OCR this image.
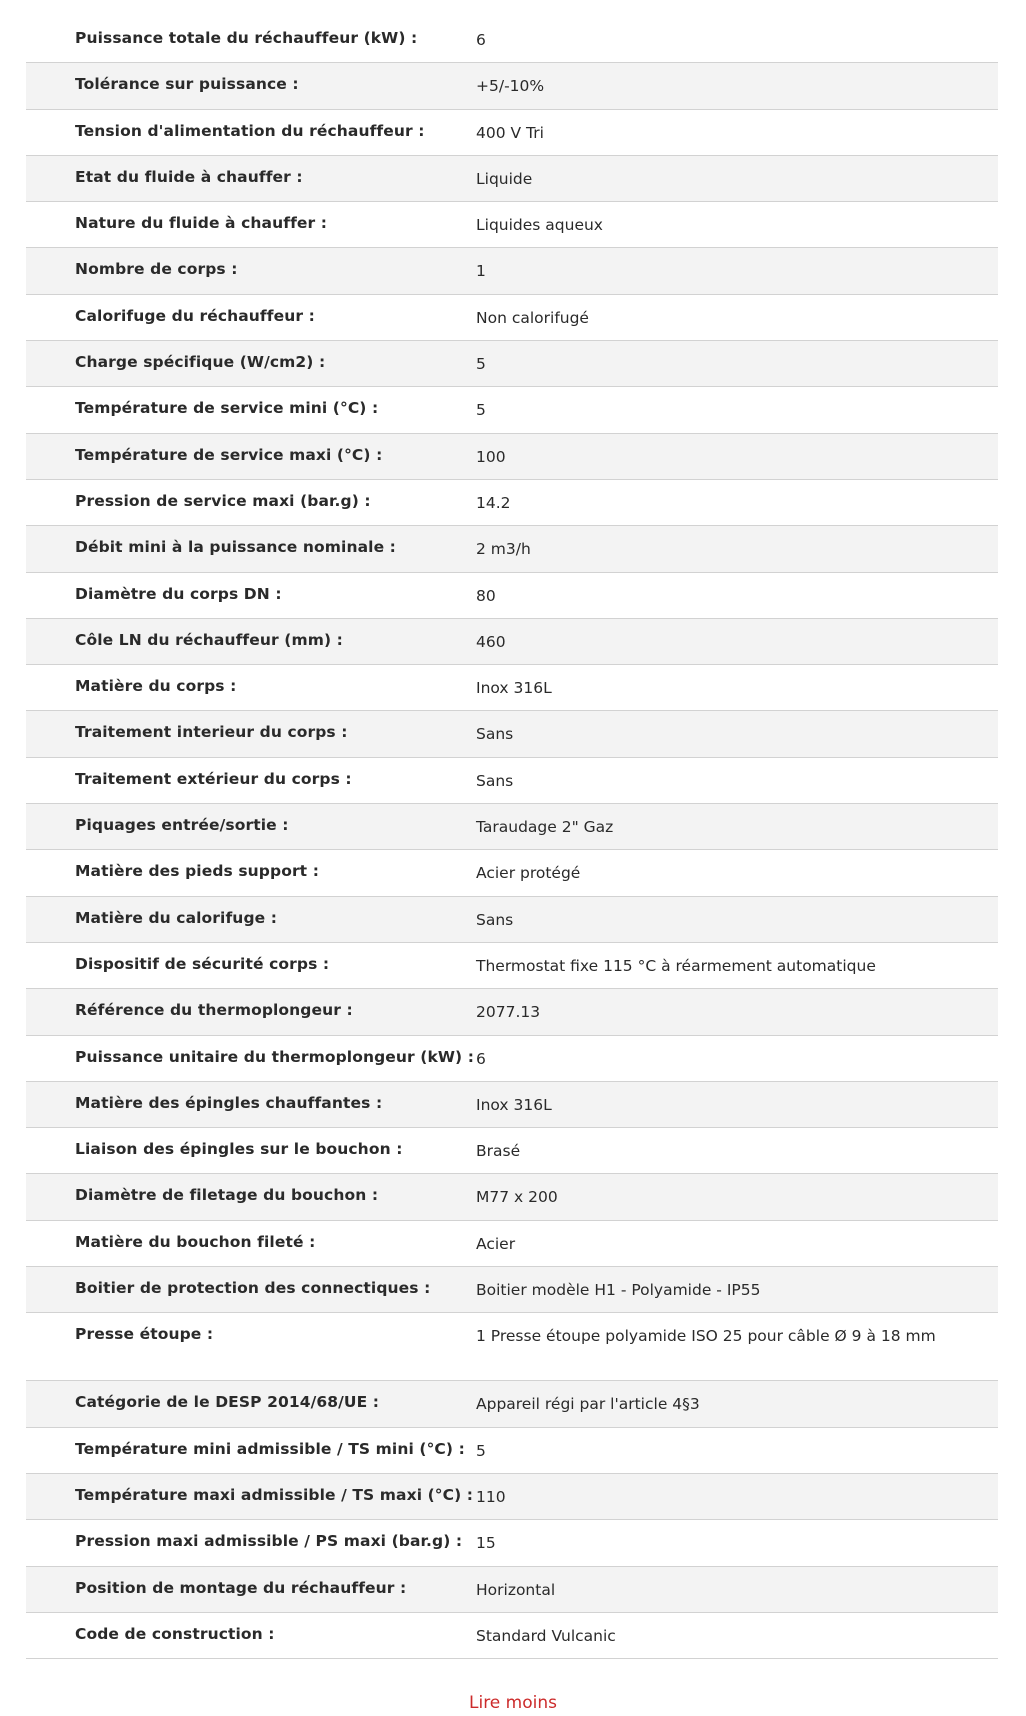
Puissance totale du réchauffeur (kW) :	6
Tolérance sur puissance :	+5/-10%
Tension d'alimentation du réchauffeur :	400 V Tri
Etat du fluide à chauffer :	Liquide
Nature du fluide à chauffer :	Liquides aqueux
Nombre de corps :	1
Calorifuge du réchauffeur :	Non calorifugé
Charge spécifique (W/cm2) :	5
Température de service mini (°C) :	5
Température de service maxi (°C) :	100
Pression de service maxi (bar.g) :	14.2
Débit mini à la puissance nominale :	2 m3/h
Diamètre du corps DN :	80
Côle LN du réchauffeur (mm) :	460
Matière du corps :	Inox 316L
Traitement interieur du corps :	Sans
Traitement extérieur du corps :	Sans
Piquages entrée/sortie :	Taraudage 2" Gaz
Matière des pieds support :	Acier protégé
Matière du calorifuge :	Sans
Dispositif de sécurité corps :	Thermostat fixe 115 °C à réarmement automatique
Référence du thermoplongeur :	2077.13
Puissance unitaire du thermoplongeur (kW) : 6
Matière des épingles chauffantes :	Inox 316L
Liaison des épingles sur le bouchon :	Brasé
Diamètre de filetage du bouchon :	M77 x 200
Matière du bouchon fileté :	Acier
Boitier de protection des connectiques :	Boitier modèle H1 - Polyamide - IP55
Presse étoupe :	1 Presse étoupe polyamide ISO 25 pour câble Ø 9 à 18 mm
Catégorie de le DESP 2014/68/UE :	Appareil régi par l'article 4§3
Température mini admissible / TS mini (°C) : 5
Température maxi admissible / TS maxi (°C) : 110
Pression maxi admissible / PS maxi (bar.g) : 15
Position de montage du réchauffeur :	Horizontal
Code de construction :	Standard Vulcanic
Lire moins
